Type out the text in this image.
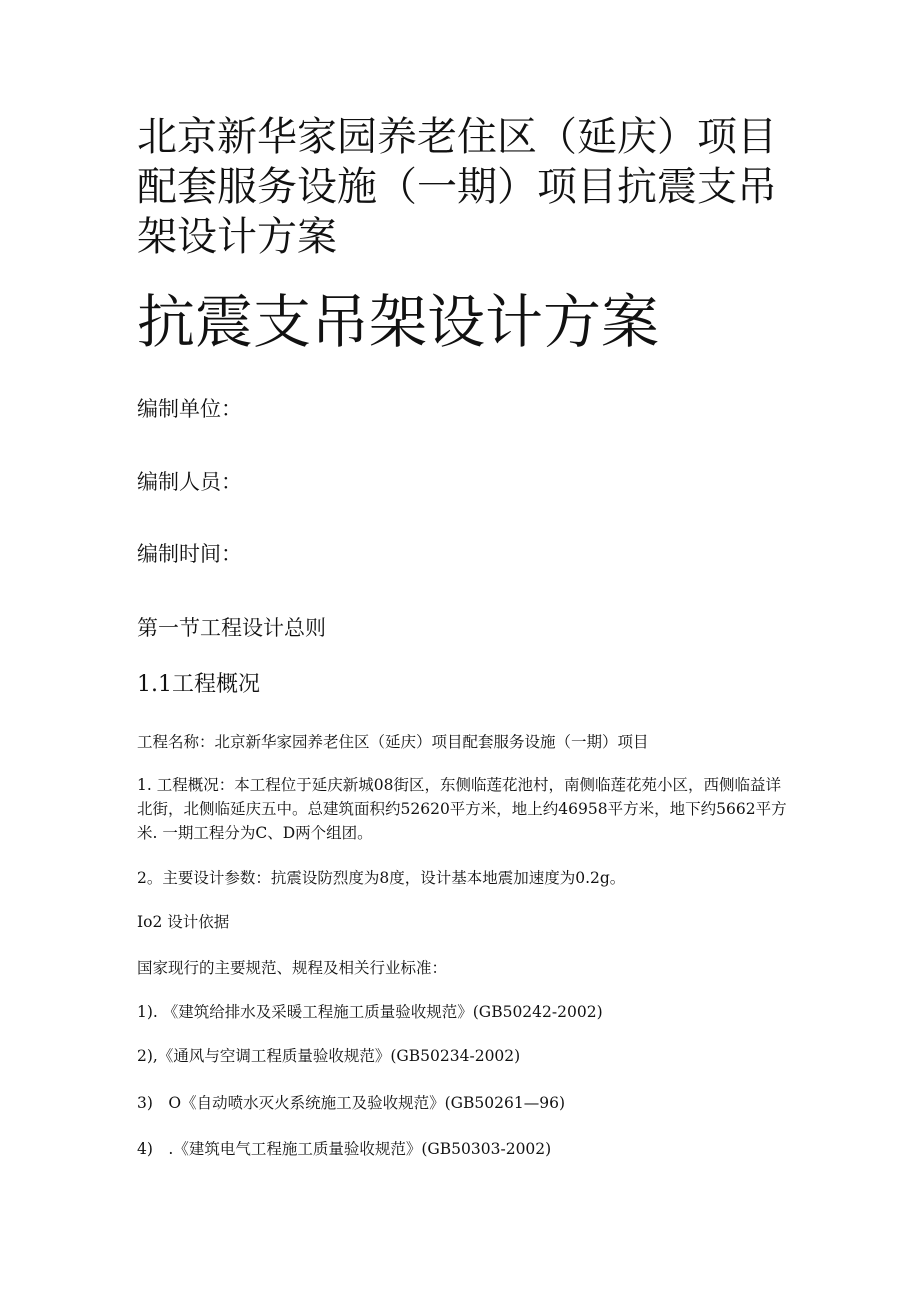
北京新华家园养老住区（延庆）项目配套服务设施（一期）项目抗震支吊架设计方案
抗震支吊架设计方案

编制单位：

编制人员：

编制时间：

第一节工程设计总则
1.1工程概况

工程名称：北京新华家园养老住区（延庆）项目配套服务设施（一期）项目

1. 工程概况：本工程位于延庆新城08街区，东侧临莲花池村，南侧临莲花苑小区，西侧临益详北街，北侧临延庆五中。总建筑面积约52620平方米，地上约46958平方米，地下约5662平方米. 一期工程分为C、D两个组团。

2。主要设计参数：抗震设防烈度为8度，设计基本地震加速度为0.2g。

Io2 设计依据

国家现行的主要规范、规程及相关行业标准：

1). 《建筑给排水及采暖工程施工质量验收规范》(GB50242-2002)

2),《通风与空调工程质量验收规范》(GB50234-2002)

3)　O《自动喷水灭火系统施工及验收规范》(GB50261—96)

4)　.《建筑电气工程施工质量验收规范》(GB50303-2002)
